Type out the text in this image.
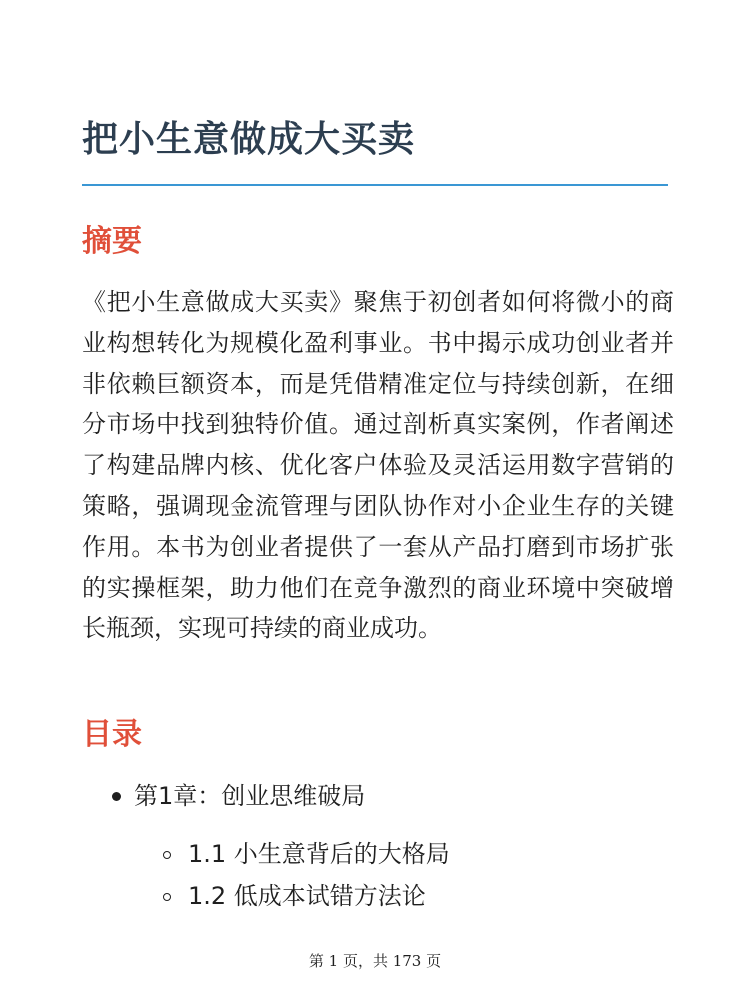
把小生意做成大买卖
摘要

《把小生意做成大买卖》聚焦于初创者如何将微小的商业构想转化为规模化盈利事业。书中揭示成功创业者并非依赖巨额资本，而是凭借精准定位与持续创新，在细分市场中找到独特价值。通过剖析真实案例，作者阐述了构建品牌内核、优化客户体验及灵活运用数字营销的策略，强调现金流管理与团队协作对小企业生存的关键作用。本书为创业者提供了一套从产品打磨到市场扩张的实操框架，助力他们在竞争激烈的商业环境中突破增长瓶颈，实现可持续的商业成功。

目录
第1章：创业思维破局
1.1 小生意背后的大格局
1.2 低成本试错方法论
第 1 页，共 173 页
